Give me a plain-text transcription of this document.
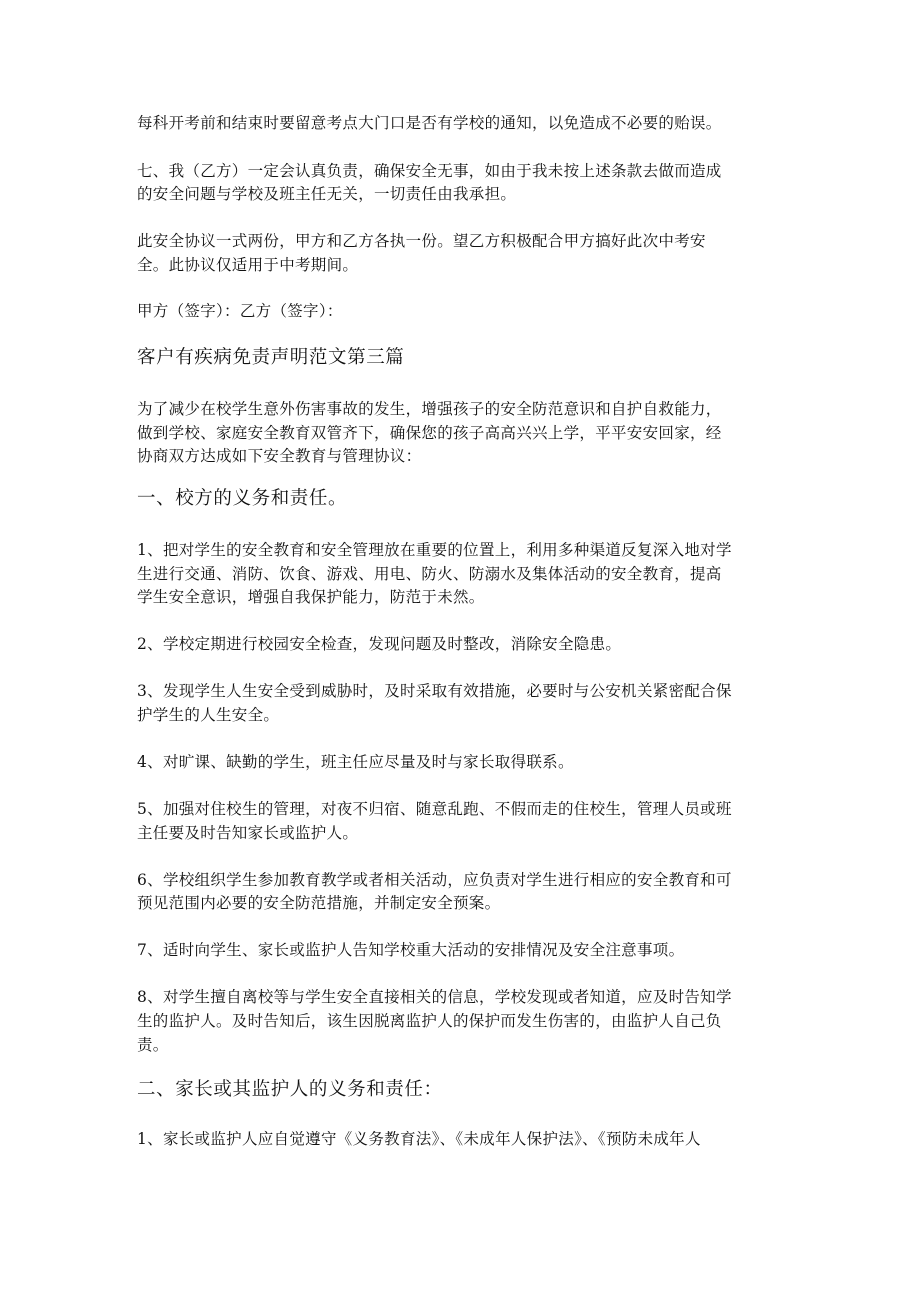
每科开考前和结束时要留意考点大门口是否有学校的通知，以免造成不必要的贻误。

七、我（乙方）一定会认真负责，确保安全无事，如由于我未按上述条款去做而造成

的安全问题与学校及班主任无关，一切责任由我承担。

此安全协议一式两份，甲方和乙方各执一份。望乙方积极配合甲方搞好此次中考安

全。此协议仅适用于中考期间。

甲方（签字）：乙方（签字）：

客户有疾病免责声明范文第三篇

为了减少在校学生意外伤害事故的发生，增强孩子的安全防范意识和自护自救能力，

做到学校、家庭安全教育双管齐下，确保您的孩子高高兴兴上学，平平安安回家，经

协商双方达成如下安全教育与管理协议：

一、校方的义务和责任。

1、把对学生的安全教育和安全管理放在重要的位置上，利用多种渠道反复深入地对学

生进行交通、消防、饮食、游戏、用电、防火、防溺水及集体活动的安全教育，提高

学生安全意识，增强自我保护能力，防范于未然。

2、学校定期进行校园安全检查，发现问题及时整改，消除安全隐患。

3、发现学生人生安全受到威胁时，及时采取有效措施，必要时与公安机关紧密配合保

护学生的人生安全。

4、对旷课、缺勤的学生，班主任应尽量及时与家长取得联系。

5、加强对住校生的管理，对夜不归宿、随意乱跑、不假而走的住校生，管理人员或班

主任要及时告知家长或监护人。

6、学校组织学生参加教育教学或者相关活动，应负责对学生进行相应的安全教育和可

预见范围内必要的安全防范措施，并制定安全预案。

7、适时向学生、家长或监护人告知学校重大活动的安排情况及安全注意事项。

8、对学生擅自离校等与学生安全直接相关的信息，学校发现或者知道，应及时告知学

生的监护人。及时告知后，该生因脱离监护人的保护而发生伤害的，由监护人自己负

责。

二、家长或其监护人的义务和责任：

1、家长或监护人应自觉遵守《义务教育法》、《未成年人保护法》、《预防未成年人
